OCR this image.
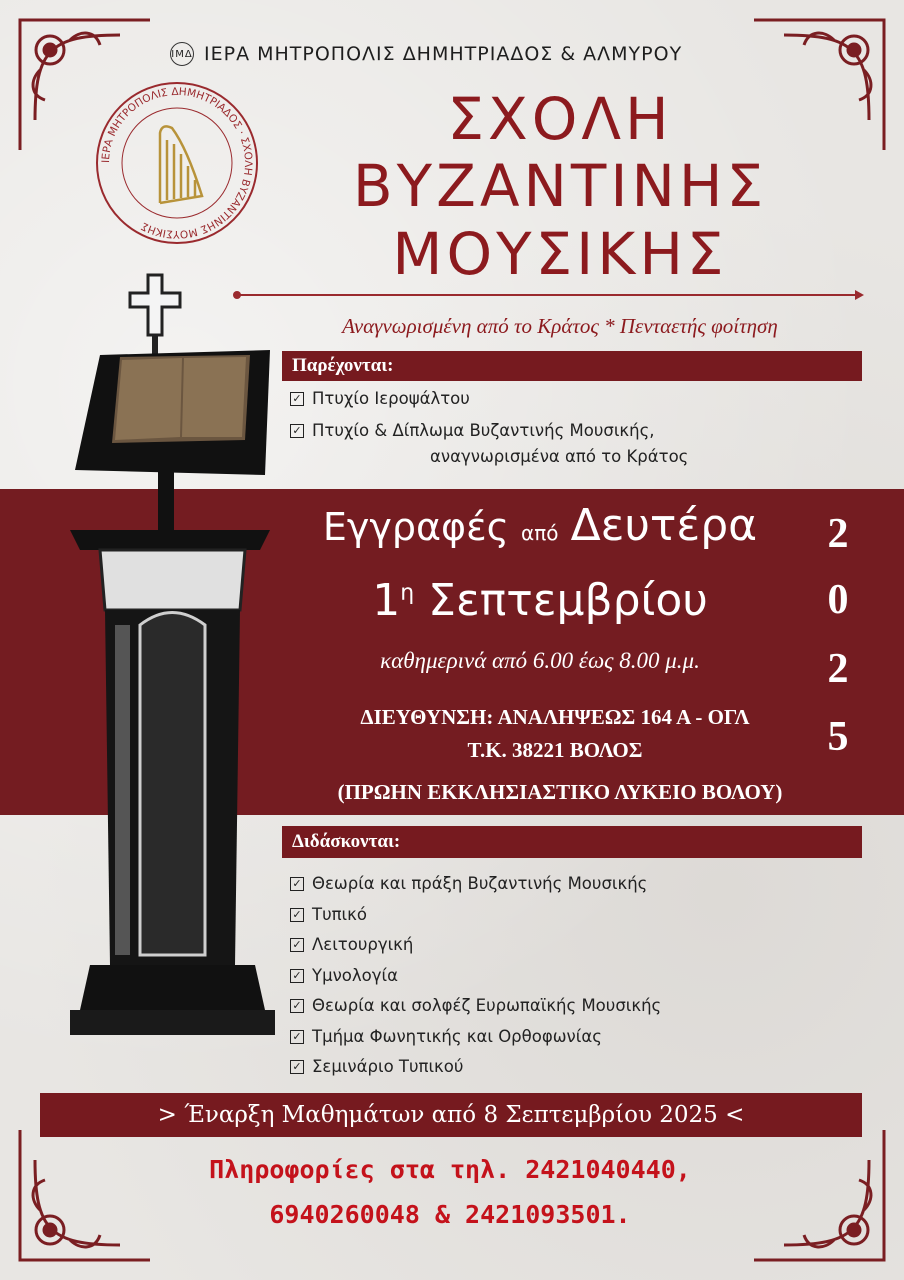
ΙΜΔ ΙΕΡΑ ΜΗΤΡΟΠΟΛΙΣ ΔΗΜΗΤΡΙΑΔΟΣ & ΑΛΜΥΡΟΥ
ΙΕΡΑ ΜΗΤΡΟΠΟΛΙΣ ΔΗΜΗΤΡΙΑΔΟΣ · ΣΧΟΛΗ ΒΥΖΑΝΤΙΝΗΣ ΜΟΥΣΙΚΗΣ
ΣΧΟΛΗ
ΒΥΖΑΝΤΙΝΗΣ
ΜΟΥΣΙΚΗΣ
Αναγνωρισμένη από το Κράτος * Πενταετής φοίτηση
Παρέχονται:
✓ Πτυχίο Ιεροψάλτου
✓ Πτυχίο & Δίπλωμα Βυζαντινής Μουσικής,
αναγνωρισμένα από το Κράτος
Εγγραφές από Δευτέρα
$1^\eta$ Σεπτεμβρίου
καθημερινά από 6.00 έως 8.00 μ.μ.
ΔΙΕΥΘΥΝΣΗ: ΑΝΑΛΗΨΕΩΣ 164 Α - ΟΓΛ
Τ.Κ. 38221 ΒΟΛΟΣ
(ΠΡΩΗΝ ΕΚΚΛΗΣΙΑΣΤΙΚΟ ΛΥΚΕΙΟ ΒΟΛΟΥ)
2
0
2
5
Διδάσκονται:
✓ Θεωρία και πράξη Βυζαντινής Μουσικής
✓ Τυπικό
✓ Λειτουργική
✓ Υμνολογία
✓ Θεωρία και σολφέζ Ευρωπαϊκής Μουσικής
✓ Τμήμα Φωνητικής και Ορθοφωνίας
✓ Σεμινάριο Τυπικού
> Έναρξη Μαθημάτων από 8 Σεπτεμβρίου 2025 <
Πληροφορίες στα τηλ. 2421040440,
6940260048 & 2421093501.
